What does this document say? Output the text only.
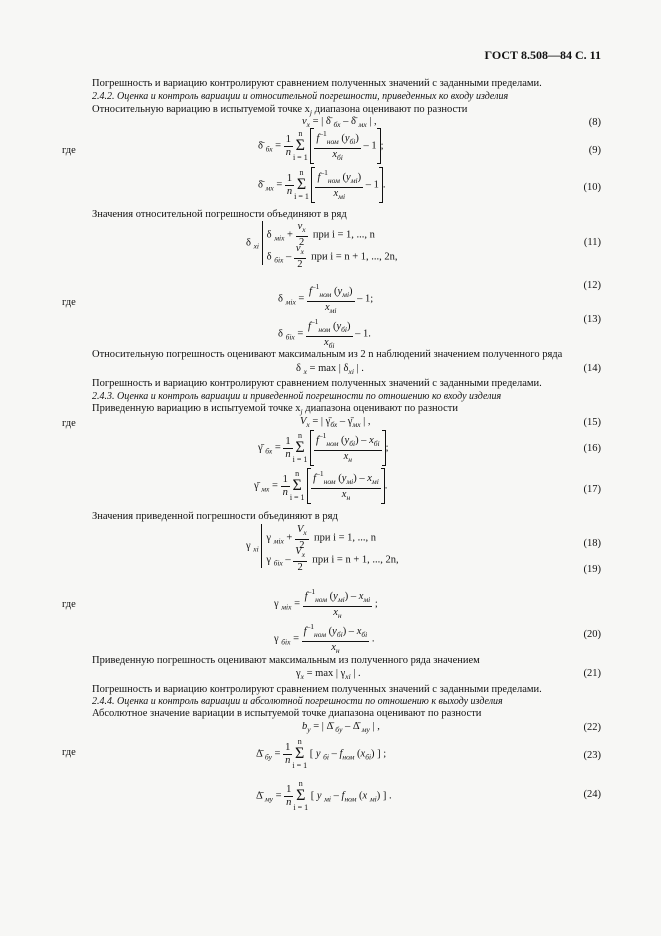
ГОСТ 8.508—84 С. 11
Погрешность и вариацию контролируют сравнением полученных значений с заданными пределами.
2.4.2. Оценка и контроль вариации и относительной погрешности, приведенных ко входу изделия
Относительную вариацию в испытуемой точке $x_j$ диапазона оценивают по разности
$v_x$ = | δ̄ $_{бх}$ – δ̄ $_{мх}$ | ,	(8)
где	δ̄ $_{бх} = \frac{1}{n}$ n
Σ
$i = 1 \frac{f^{-1}_{ном} (y_{бi})}{x_{бi}} - 1$ ;	(9)
δ̄ $_{мх} = \frac{1}{n}$ n
Σ
$i = 1 \frac{f^{-1}_{ном} (y_{мi})}{x_{мi}} - 1$ .	(10)
Значения относительной погрешности объединяют в ряд
δ $_{xi}$
δ $_{мix} + \frac{v_x}{2}$ при i = 1, ..., n
δ $_{бix} - \frac{v_x}{2}$ при i = n + 1, ..., 2n,
(11)
где	δ $_{мix} = \frac{f^{-1}_{ном} (y_{мi})}{x_{мi}} - 1$;
(12)
δ $_{бix} = \frac{f^{-1}_{ном} (y_{бi})}{x_{бi}} - 1$.
(13)
Относительную погрешность оценивают максимальным из 2 n наблюдений значением полученного ряда
δ $_x$ = max | $\delta_{xi}$ | .	(14)
Погрешность и вариацию контролируют сравнением полученных значений с заданными пределами.
2.4.3. Оценка и контроль вариации и приведенной погрешности по отношению ко входу изделия
Приведенную вариацию в испытуемой точке $x_j$ диапазона оценивают по разности
$V_x$ = | $\gammā_{бх}$ – $\gammā_{мх}$ | ,	(15)
где
γ̄ $_{бх} = \frac{1}{n}$ n
Σ
$i = 1 \frac{f^{-1}_{ном} (y_{бi}) - x_{бi}}{x_н}$ ;	(16)
γ̄ $_{мх} = \frac{1}{n}$ n
Σ
$i = 1 \frac{f^{-1}_{ном} (y_{мi}) - x_{мi}}{x_н}$ .	(17)
Значения приведенной погрешности объединяют в ряд
γ $_{xi}$
γ $_{мix} + \frac{V_x}{2}$ при i = 1, ..., n
γ $_{бix} - \frac{V_x}{2}$ при i = n + 1, ..., 2n,
(18)
(19)
где	γ $_{мix} = \frac{f^{-1}_{ном} (y_{мi}) - x_{мi}}{x_н}$ ;
γ $_{бix} = \frac{f^{-1}_{ном} (y_{бi}) - x_{бi}}{x_н}$ .	(20)
Приведенную погрешность оценивают максимальным из полученного ряда значением
$\gamma_x = \max$ | $\gamma_{xi}$ | .	(21)
Погрешность и вариацию контролируют сравнением полученных значений с заданными пределами.
2.4.4. Оценка и контроль вариации и абсолютной погрешности по отношению к выходу изделия
Абсолютное значение вариации в испытуемой точке диапазона оценивают по разности
$b_y$ = | Δ̄ $_{бy}$ – Δ̄ $_{мy}$ | ,	(22)
где	Δ̄ $_{бy} = \frac{1}{n}$ n
Σ
i = 1 [ y $_{бi} - f_{ном}$ $(x_{бi})$ ] ;	(23)
Δ̄ $_{мy} = \frac{1}{n}$ n
Σ
i = 1 [ y $_{мi} - f_{ном}$ (x $_{мi}$) ] .	(24)
